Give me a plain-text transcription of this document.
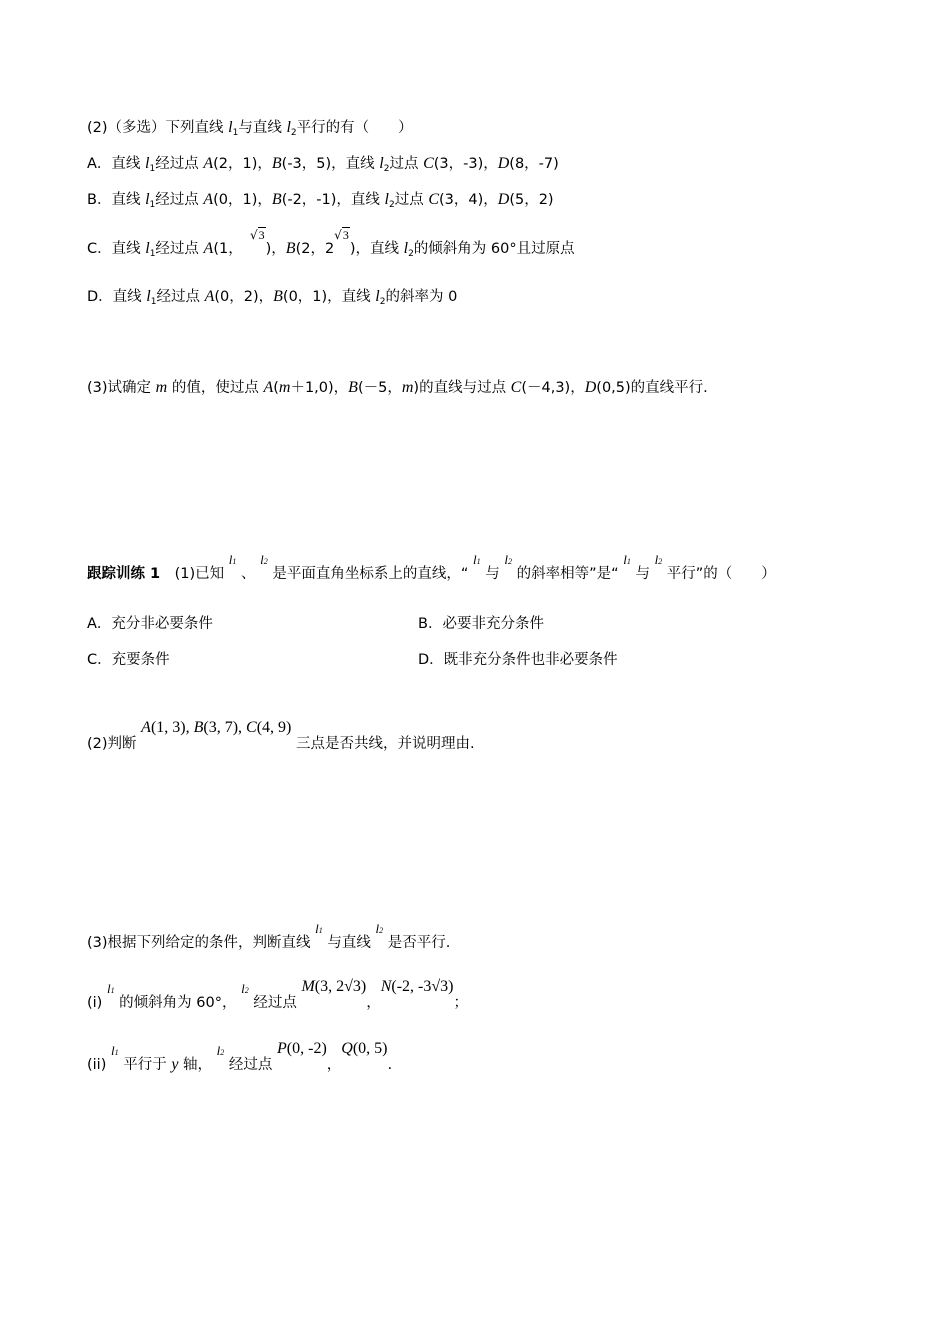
(2)（多选）下列直线 $l_1$与直线 $l_2$平行的有（　　）
A．直线 $l_1$经过点 A(2，1)，B(-3，5)，直线 $l_2$过点 C(3，-3)，D(8，-7)
B．直线 $l_1$经过点 A(0，1)，B(-2，-1)，直线 $l_2$过点 C(3，4)，D(5，2)
C．直线 $l_1$经过点 A(1，　√3)，B(2，2√3)，直线 $l_2$的倾斜角为 60°且过原点
D．直线 $l_1$经过点 A(0，2)，B(0，1)，直线 $l_2$的斜率为 0
(3)试确定 m 的值，使过点 A(m＋1,0)，B(－5，m)的直线与过点 C(－4,3)，D(0,5)的直线平行.
跟踪训练 1　(1)已知 l1 、 l2 是平面直角坐标系上的直线，“ l1 与 l2 的斜率相等”是“ l1 与 l2 平行”的（　　）
A．充分非必要条件	B．必要非充分条件
C．充要条件	D．既非充分条件也非必要条件
(2)判断 A(1, 3), B(3, 7), C(4, 9) 三点是否共线，并说明理由.
(3)根据下列给定的条件，判断直线 l1 与直线 l2 是否平行.
(i) l1 的倾斜角为 60°， l2 经过点 M(3, 2√3)，N(-2, -3√3)；
(ii) l1 平行于 y 轴， l2 经过点 P(0, -2)，Q(0, 5).
